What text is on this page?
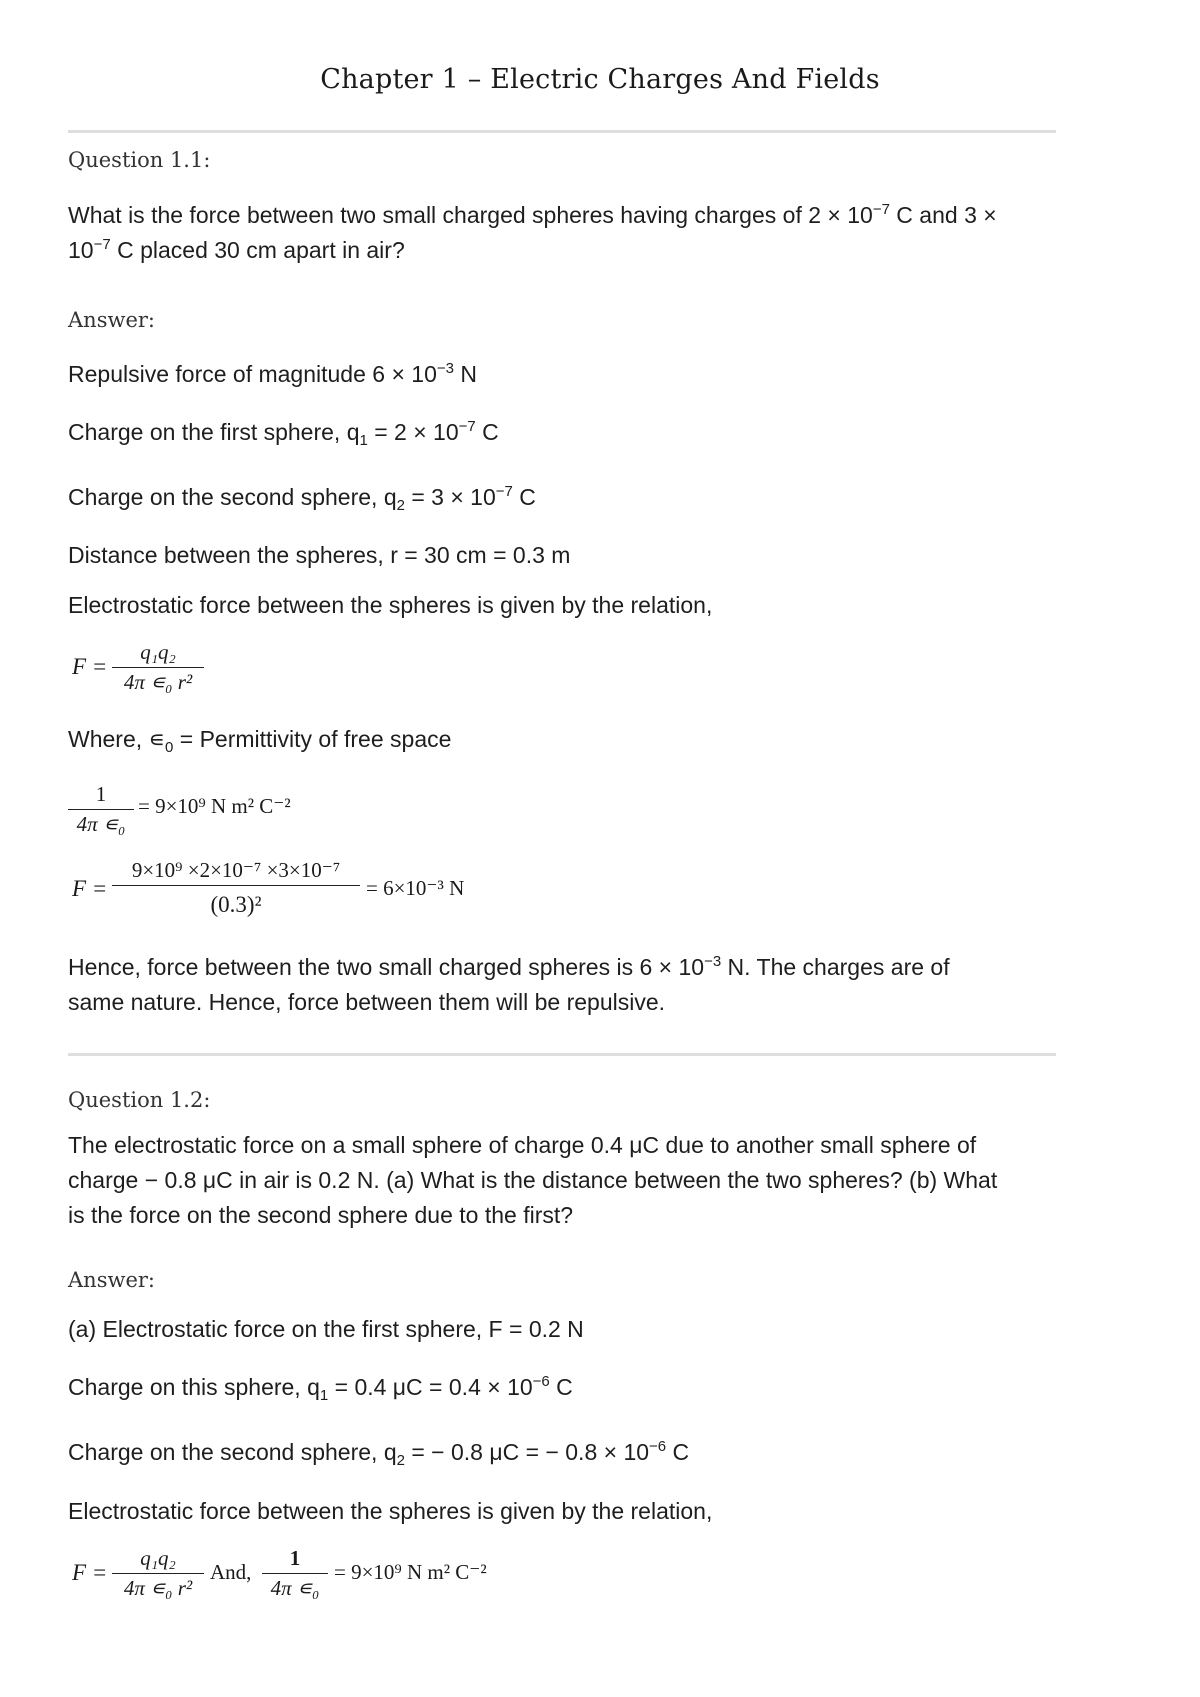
Chapter 1 – Electric Charges And Fields
Question 1.1:
What is the force between two small charged spheres having charges of $2 \times 10^{-7}$ C and 3 ×
$10^{-7}$ C placed 30 cm apart in air?
Answer:
Repulsive force of magnitude $6 \times 10^{-3}$ N
Charge on the first sphere, $q_1 = 2 \times 10^{-7}$ C
Charge on the second sphere, $q_2 = 3 \times 10^{-7}$ C
Distance between the spheres, r = 30 cm = 0.3 m
Electrostatic force between the spheres is given by the relation,
$F = \frac{\text{q₁q₂}}{\text{4π ∊₀ r²}}$
Where, $∊_0$ = Permittivity of free space
$\frac{1}{\text{4π ∊₀}} = 9\times 10^9$ N m² C⁻²
$F = \frac{\text{9×10⁹ ×2×10⁻⁷ ×3×10⁻⁷}}{\text{(0.3)²}} = 6\times 10^{-3}$ N
Hence, force between the two small charged spheres is $6 \times 10^{-3}$ N. The charges are of
same nature. Hence, force between them will be repulsive.
Question 1.2:
The electrostatic force on a small sphere of charge 0.4 μC due to another small sphere of
charge − 0.8 μC in air is 0.2 N. (a) What is the distance between the two spheres? (b) What
is the force on the second sphere due to the first?
Answer:
(a) Electrostatic force on the first sphere, F = 0.2 N
Charge on this sphere, $q_1 = 0.4$ $\mu C = 0.4 \times 10^{-6}$ C
Charge on the second sphere, $q_2$ = − 0.8 μC = − $0.8 \times 10^{-6}$ C
Electrostatic force between the spheres is given by the relation,
$F = \frac{\text{q₁q₂}}{\text{4π ∊₀ r²}}$ And, $\frac{1}{\text{4π ∊₀}} = 9\times 10^9$ N m² C⁻²
